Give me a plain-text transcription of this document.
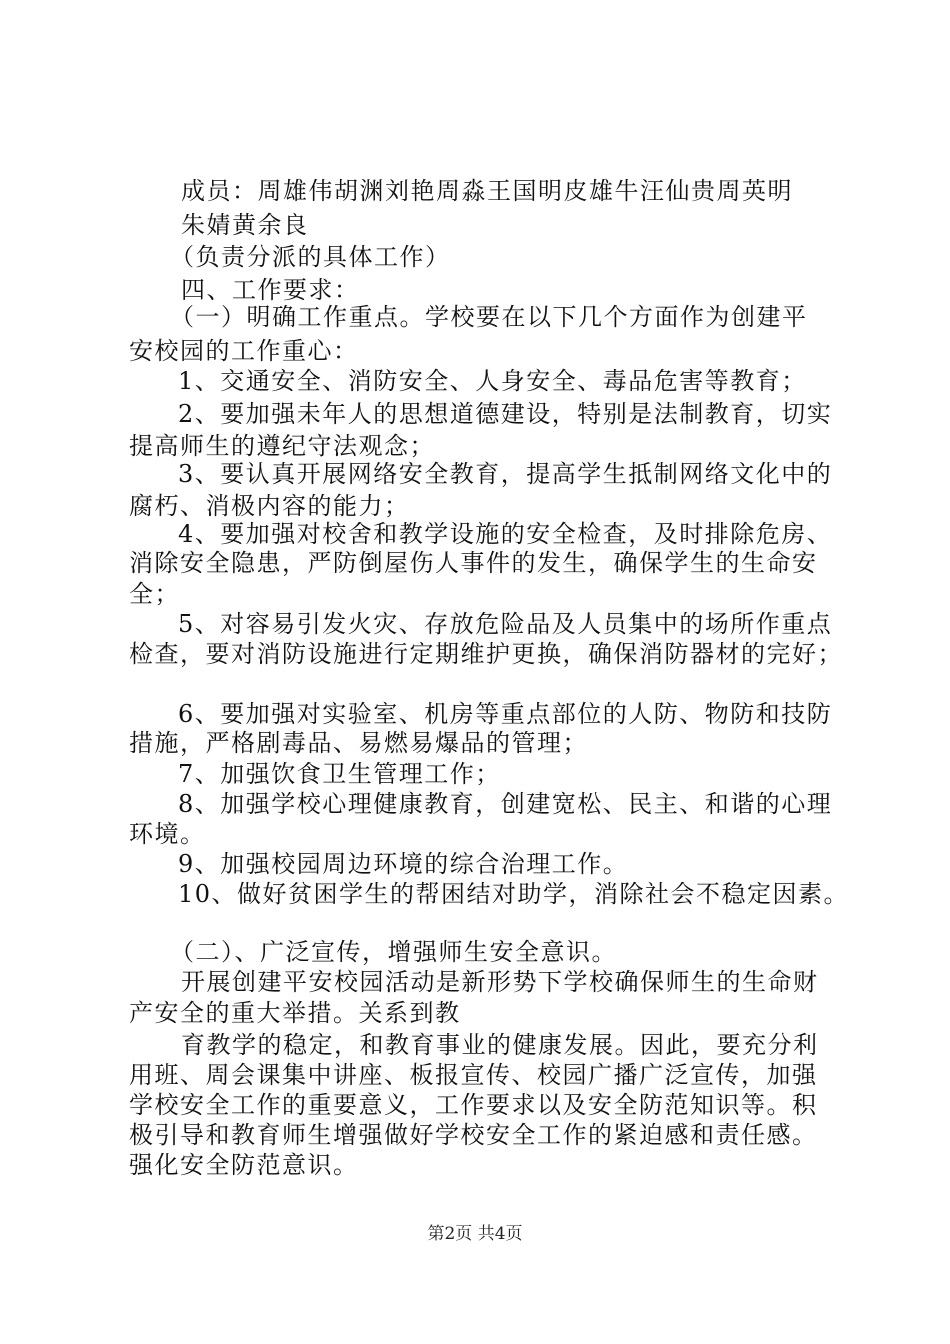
成员：周雄伟胡渊刘艳周淼王国明皮雄牛汪仙贵周英明
朱婧黄余良
（负责分派的具体工作）
四、工作要求：
（一）明确工作重点。学校要在以下几个方面作为创建平
安校园的工作重心：
1、交通安全、消防安全、人身安全、毒品危害等教育；
2、要加强未年人的思想道德建设，特别是法制教育，切实
提高师生的遵纪守法观念；
3、要认真开展网络安全教育，提高学生抵制网络文化中的
腐朽、消极内容的能力；
4、要加强对校舍和教学设施的安全检查，及时排除危房、
消除安全隐患，严防倒屋伤人事件的发生，确保学生的生命安
全；
5、对容易引发火灾、存放危险品及人员集中的场所作重点
检查，要对消防设施进行定期维护更换，确保消防器材的完好；
6、要加强对实验室、机房等重点部位的人防、物防和技防
措施，严格剧毒品、易燃易爆品的管理；
7、加强饮食卫生管理工作；
8、加强学校心理健康教育，创建宽松、民主、和谐的心理
环境。
9、加强校园周边环境的综合治理工作。
10、做好贫困学生的帮困结对助学，消除社会不稳定因素。
（二）、广泛宣传，增强师生安全意识。
开展创建平安校园活动是新形势下学校确保师生的生命财
产安全的重大举措。关系到教
育教学的稳定，和教育事业的健康发展。因此，要充分利
用班、周会课集中讲座、板报宣传、校园广播广泛宣传，加强
学校安全工作的重要意义，工作要求以及安全防范知识等。积
极引导和教育师生增强做好学校安全工作的紧迫感和责任感。
强化安全防范意识。
第2页 共4页
